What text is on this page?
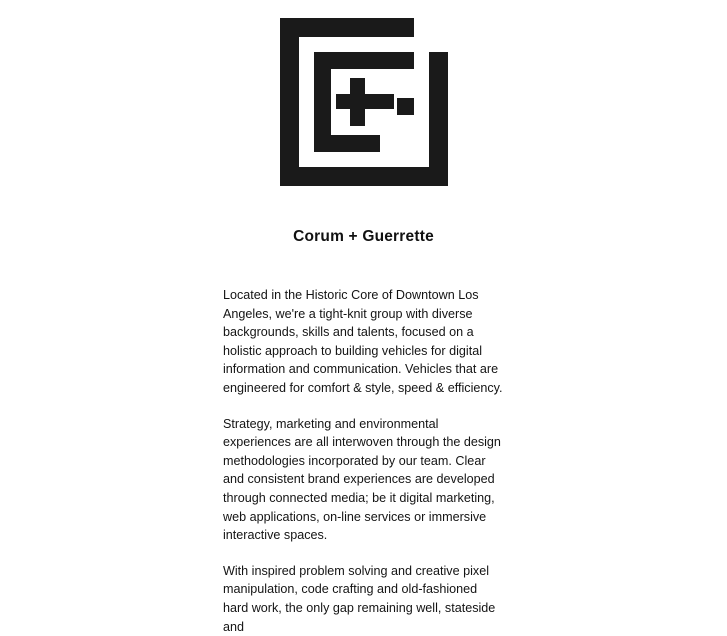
Corum + Guerrette

Located in the Historic Core of Downtown Los Angeles, we're a tight-knit group with diverse backgrounds, skills and talents, focused on a holistic approach to building vehicles for digital information and communication. Vehicles that are engineered for comfort & style, speed & efficiency.

Strategy, marketing and environmental experiences are all interwoven through the design methodologies incorporated by our team. Clear and consistent brand experiences are developed through connected media; be it digital marketing, web applications, on-line services or immersive interactive spaces.

With inspired problem solving and creative pixel manipulation, code crafting and old-fashioned hard work, the only gap remaining well, stateside and
